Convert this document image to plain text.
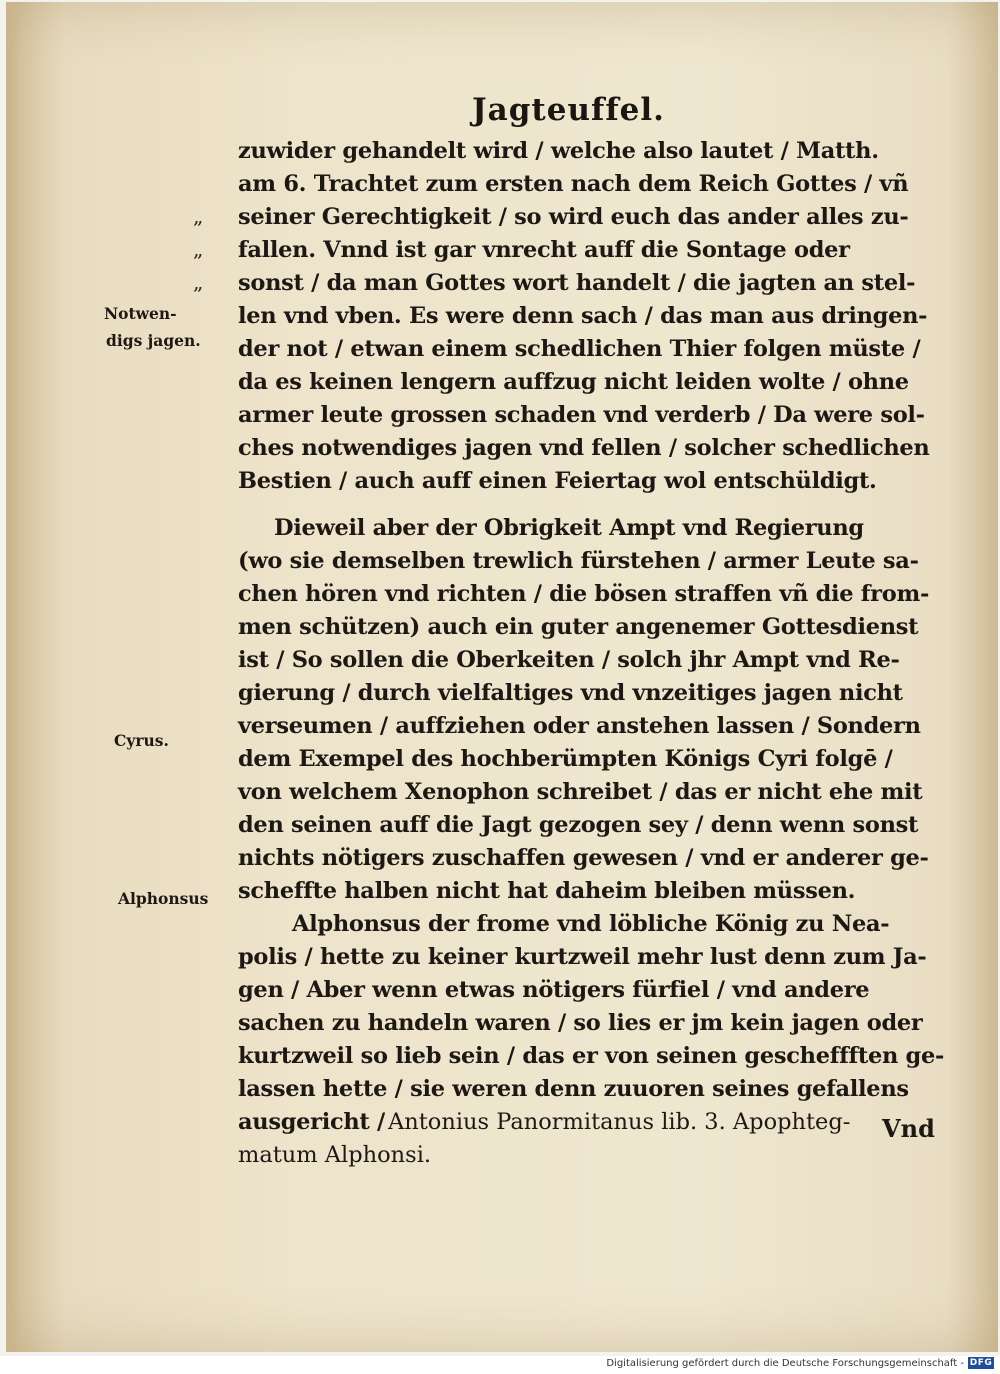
Jagteuffel.
Notwen-
digs jagen.
Cyrus.
Alphonsus
zuwider gehandelt wird / welche also lautet / Matth.
am 6. Trachtet zum ersten nach dem Reich Gottes / vñ
seiner Gerechtigkeit / so wird euch das ander alles zu-
„
fallen. Vnnd ist gar vnrecht auff die Sontage oder
„
sonst / da man Gottes wort handelt / die jagten an stel-
„
len vnd vben. Es were denn sach / das man aus dringen-
der not / etwan einem schedlichen Thier folgen müste /
da es keinen lengern auffzug nicht leiden wolte / ohne
armer leute grossen schaden vnd verderb / Da were sol-
ches notwendiges jagen vnd fellen / solcher schedlichen
Bestien / auch auff einen Feiertag wol entschüldigt.
Dieweil aber der Obrigkeit Ampt vnd Regierung
(wo sie demselben trewlich fürstehen / armer Leute sa-
chen hören vnd richten / die bösen straffen vñ die from-
men schützen) auch ein guter angenemer Gottesdienst
ist / So sollen die Oberkeiten / solch jhr Ampt vnd Re-
gierung / durch vielfaltiges vnd vnzeitiges jagen nicht
verseumen / auffziehen oder anstehen lassen / Sondern
dem Exempel des hochberümpten Königs Cyri folgē /
von welchem Xenophon schreibet / das er nicht ehe mit
den seinen auff die Jagt gezogen sey / denn wenn sonst
nichts nötigers zuschaffen gewesen / vnd er anderer ge-
scheffte halben nicht hat daheim bleiben müssen.
Alphonsus der frome vnd löbliche König zu Nea-
polis / hette zu keiner kurtzweil mehr lust denn zum Ja-
gen / Aber wenn etwas nötigers fürfiel / vnd andere
sachen zu handeln waren / so lies er jm kein jagen oder
kurtzweil so lieb sein / das er von seinen gescheffften ge-
lassen hette / sie weren denn zuuoren seines gefallens
ausgericht / Antonius Panormitanus lib. 3. Apophteg-
matum Alphonsi.
Vnd
Digitalisierung gefördert durch die Deutsche Forschungsgemeinschaft - DFG
